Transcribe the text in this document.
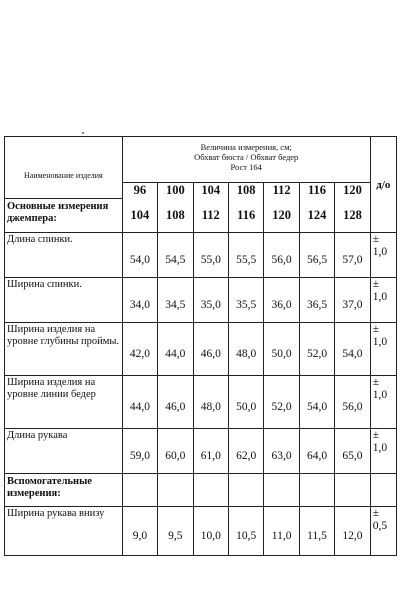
Наименование изделия	Величина измерения, см;
Обхват бюста / Обхват бедер
Рост 164							д/о
	96	100	104	108	112	116	120	
Основные измерения джемпера:	104	108	112	116	120	124	128	
Длина спинки.	54,0	54,5	55,0	55,5	56,0	56,5	57,0	± 1,0
Ширина спинки.	34,0	34,5	35,0	35,5	36,0	36,5	37,0	± 1,0
Ширина изделия на уровне глубины проймы.	42,0	44,0	46,0	48,0	50,0	52,0	54,0	± 1,0
Ширина изделия на уровне линии бедер	44,0	46,0	48,0	50,0	52,0	54,0	56,0	± 1,0
Длина рукава	59,0	60,0	61,0	62,0	63,0	64,0	65,0	± 1,0
Вспомогательные измерения:								
Ширина рукава внизу	9,0	9,5	10,0	10,5	11,0	11,5	12,0	± 0,5
